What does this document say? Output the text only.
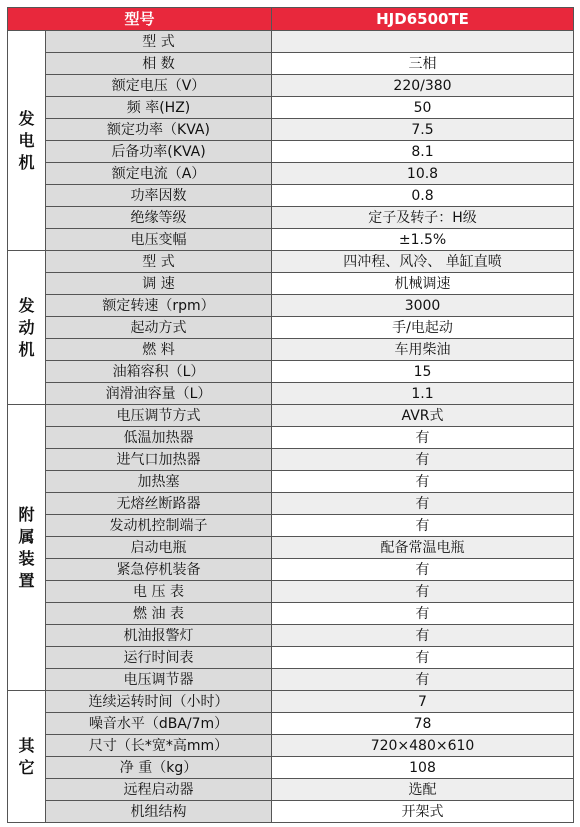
型号		HJD6500TE

发
电
机	型 式	
	相 数	三相
	额定电压（V）	220/380
	频 率(HZ)	50
	额定功率（KVA)	7.5
	后备功率(KVA)	8.1
	额定电流（A）	10.8
	功率因数	0.8
	绝缘等级	定子及转子：H级
	电压变幅	±1.5%

发
动
机	型 式	四冲程、风冷、 单缸直喷
	调 速	机械调速
	额定转速（rpm）	3000
	起动方式	手/电起动
	燃 料	车用柴油
	油箱容积（L）	15
	润滑油容量（L）	1.1

附
属
装
置	电压调节方式	AVR式
	低温加热器	有
	进气口加热器	有
	加热塞	有
	无熔丝断路器	有
	发动机控制端子	有
	启动电瓶	配备常温电瓶
	紧急停机装备	有
	电 压 表	有
	燃 油 表	有
	机油报警灯	有
	运行时间表	有
	电压调节器	有

其
它	连续运转时间（小时）	7
	噪音水平（dBA/7m）	78
	尺寸（长*宽*高mm）	720×480×610
	净 重（kg）	108
	远程启动器	选配
	机组结构	开架式
